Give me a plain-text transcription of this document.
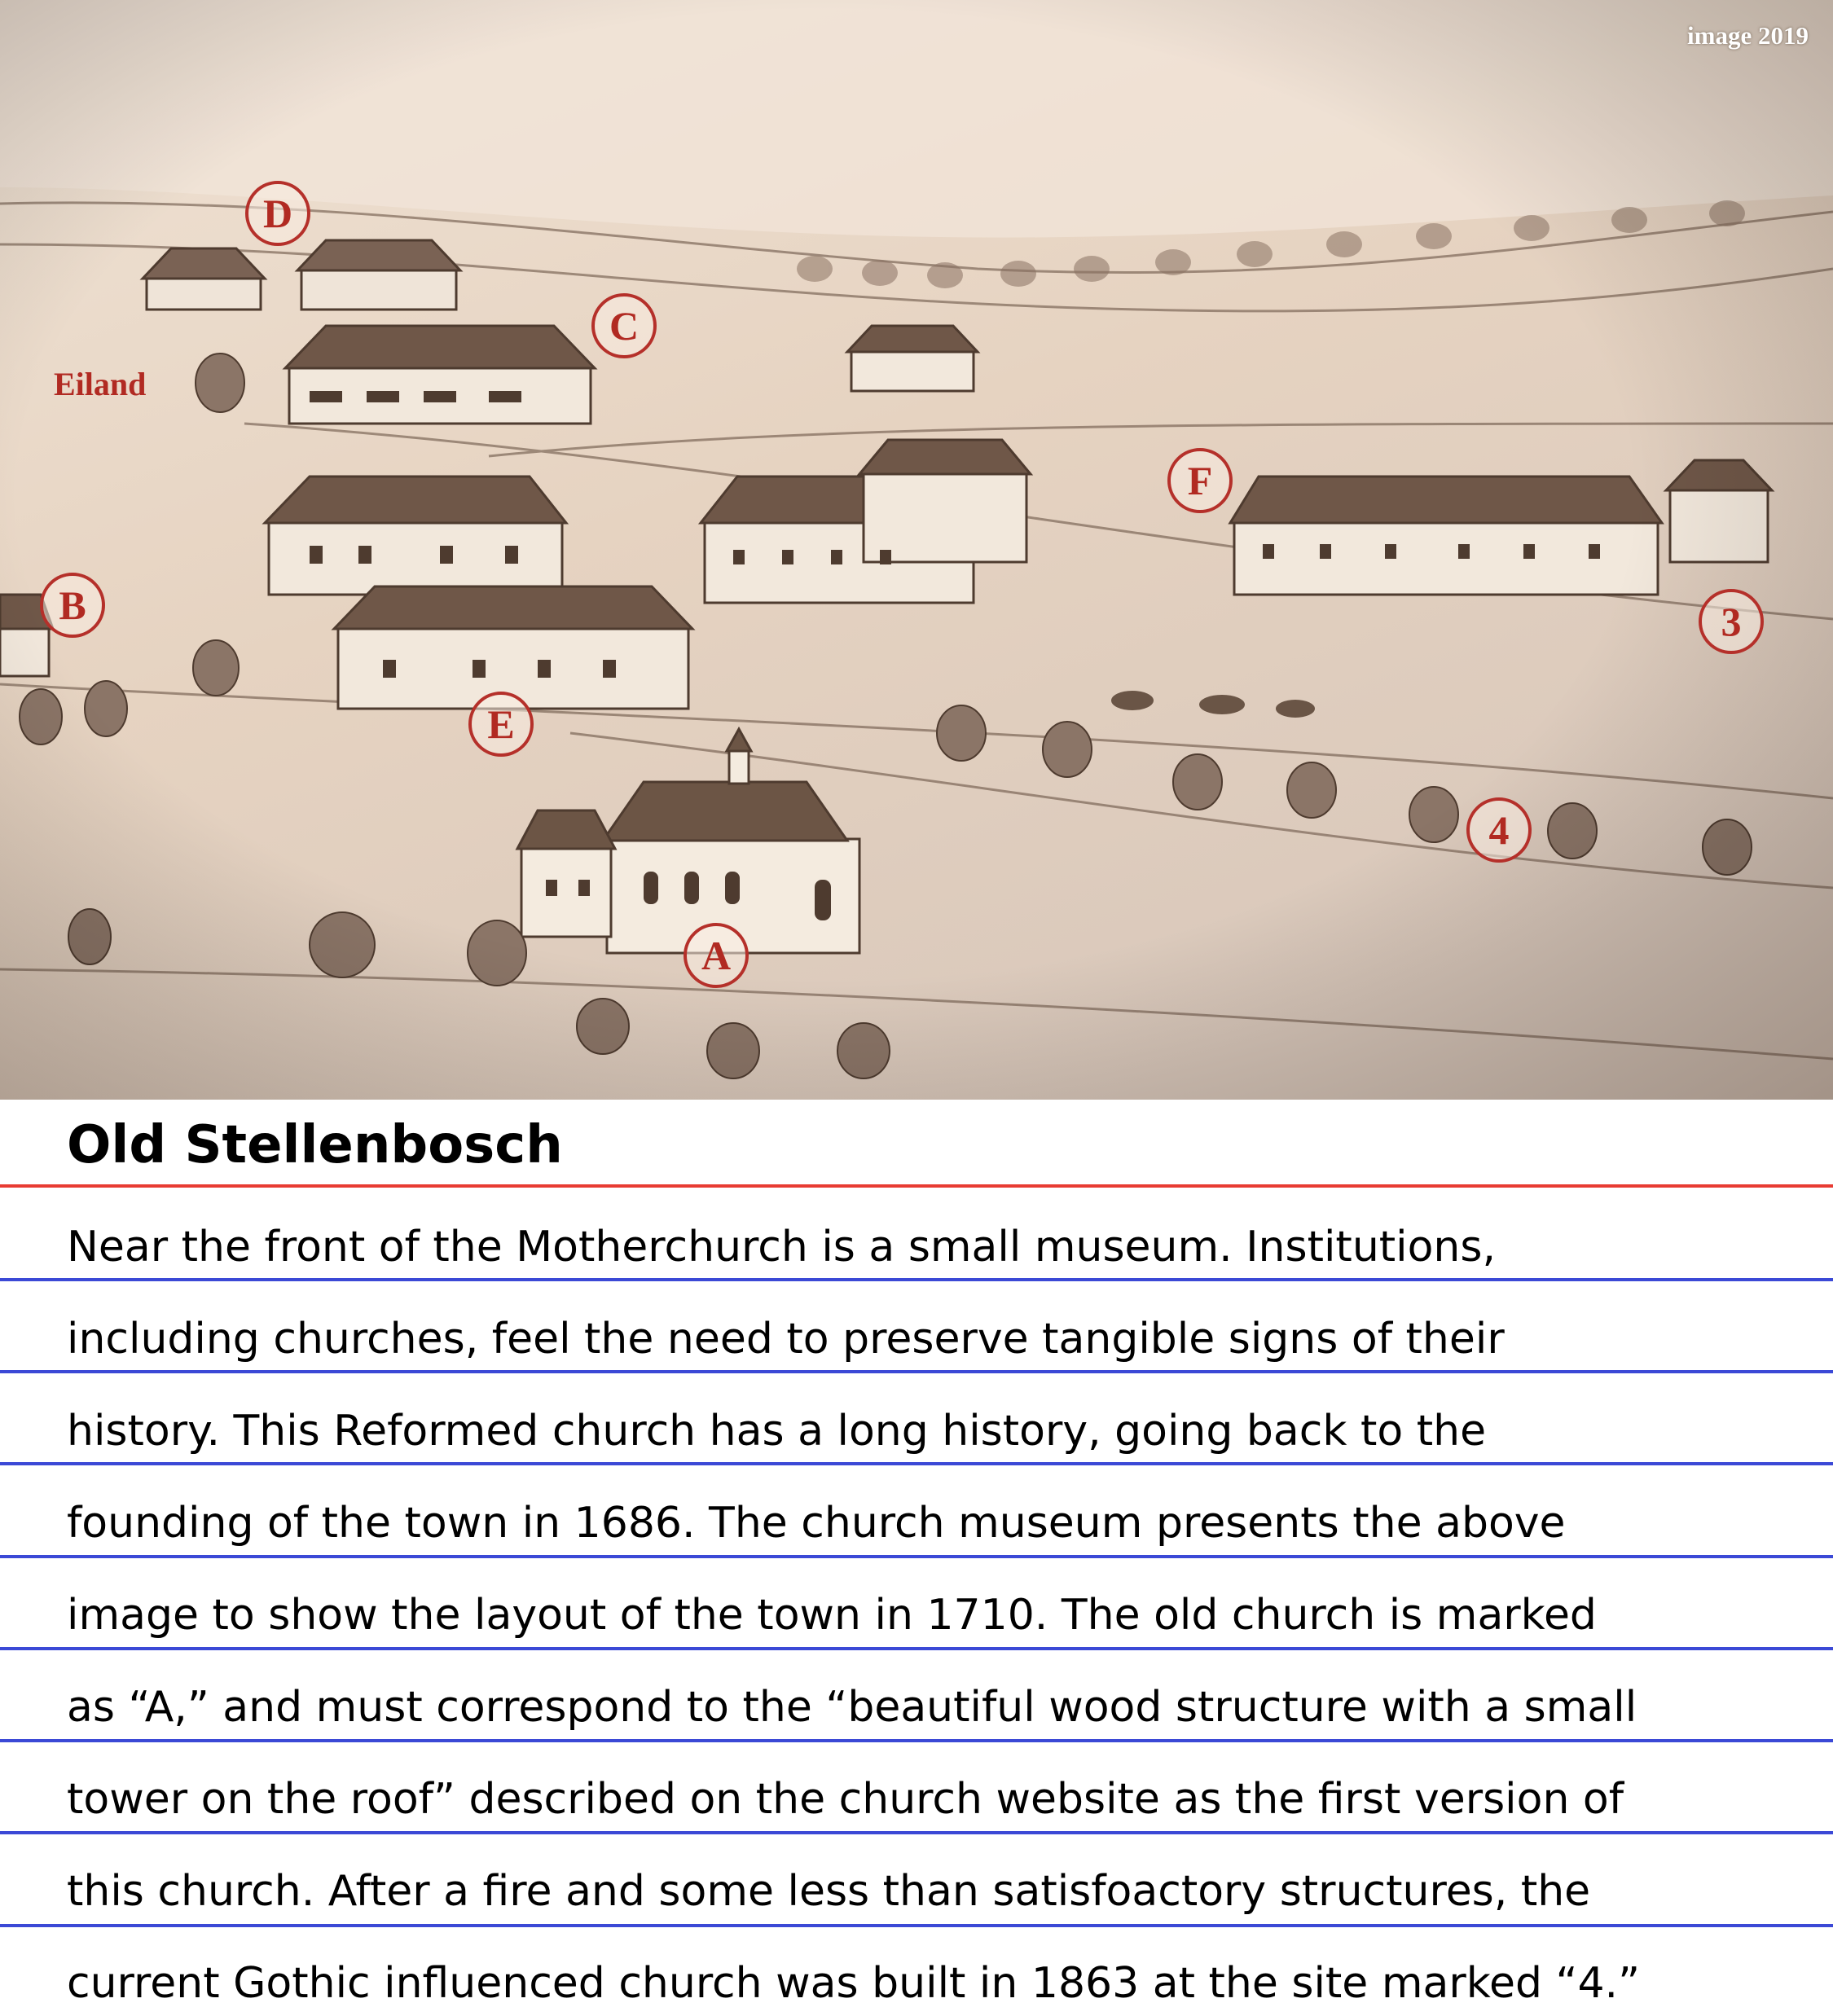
image 2019
Eiland
D
C
F
B	3
E
4
A
Old Stellenbosch
Near the front of the Motherchurch is a small museum. Institutions,
including churches, feel the need to preserve tangible signs of their
history. This Reformed church has a long history, going back to the
founding of the town in 1686. The church museum presents the above
image to show the layout of the town in 1710. The old church is marked
as “A,” and must correspond to the “beautiful wood structure with a small
tower on the roof” described on the church website as the first version of
this church. After a fire and some less than satisfoactory structures, the
current Gothic influenced church was built in 1863 at the site marked “4.”
